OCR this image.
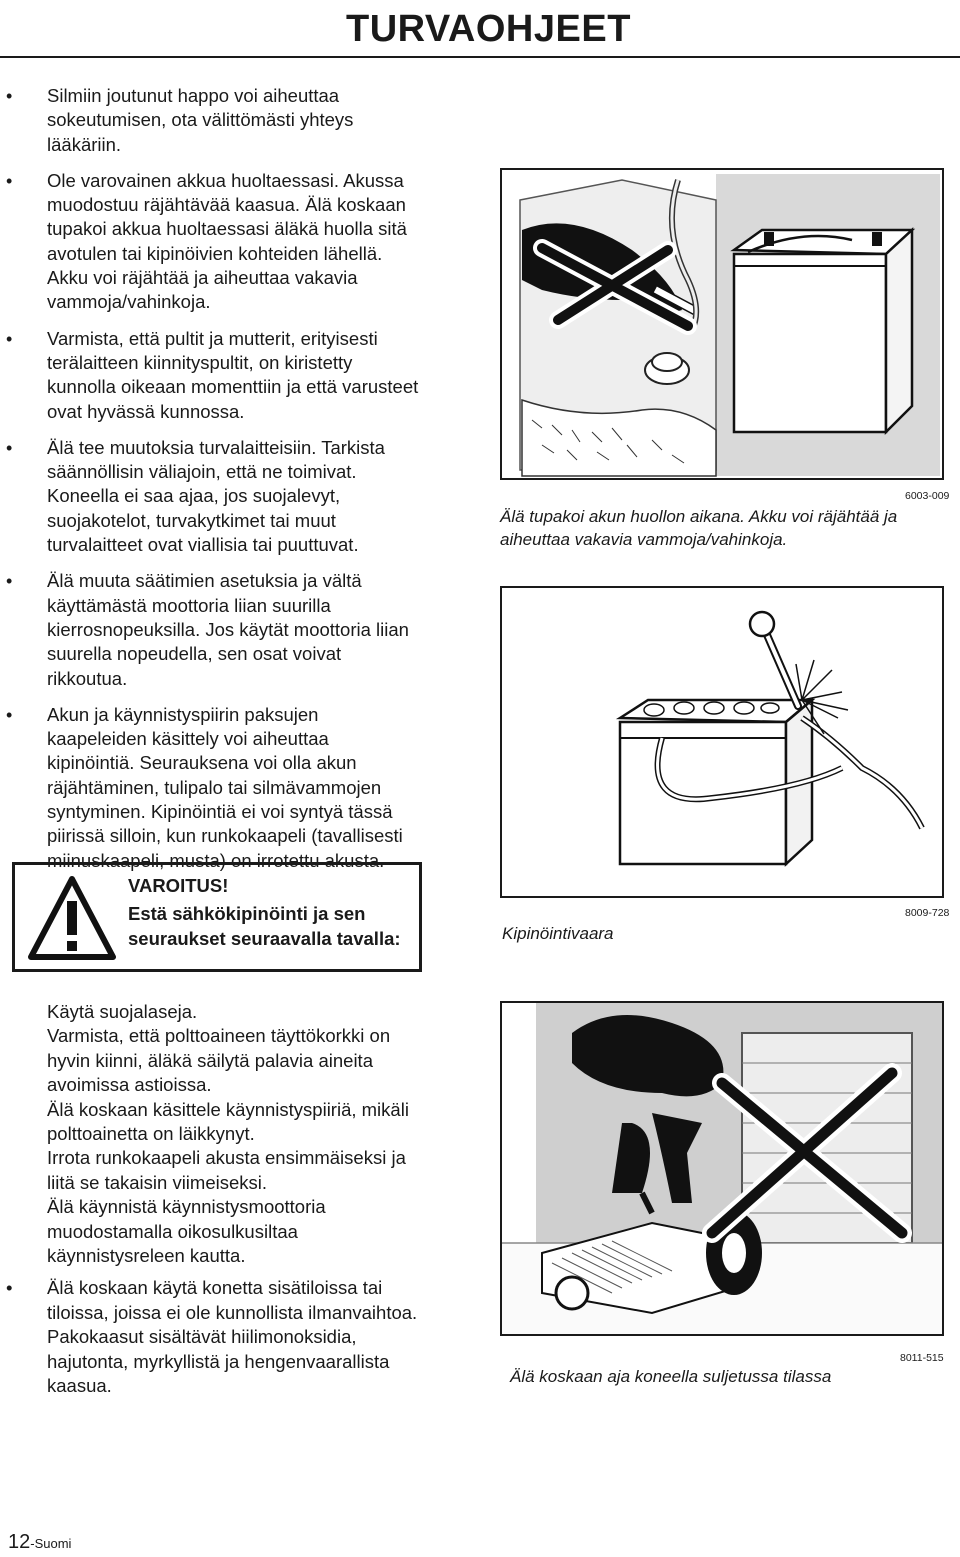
TURVAOHJEET
• Silmiin joutunut happo voi aiheuttaa sokeutumisen, ota välittömästi yhteys lääkäriin.
• Ole varovainen akkua huoltaessasi. Akussa muodostuu räjähtävää kaasua. Älä koskaan tupakoi akkua huoltaessasi äläkä huolla sitä avotulen tai kipinöivien kohteiden lähellä. Akku voi räjähtää ja aiheuttaa vakavia vammoja/vahinkoja.
• Varmista, että pultit ja mutterit, erityisesti terälaitteen kiinnityspultit, on kiristetty kunnolla oikeaan momenttiin ja että varusteet ovat hyvässä kunnossa.
• Älä tee muutoksia turvalaitteisiin. Tarkista säännöllisin väliajoin, että ne toimivat. Koneella ei saa ajaa, jos suojalevyt, suojakotelot, turvakytkimet tai muut turvalaitteet ovat viallisia tai puuttuvat.
• Älä muuta säätimien asetuksia ja vältä käyttämästä moottoria liian suurilla kierrosnopeuksilla. Jos käytät moottoria liian suurella nopeudella, sen osat voivat rikkoutua.
• Akun ja käynnistyspiirin paksujen kaapeleiden käsittely voi aiheuttaa kipinöintiä. Seurauksena voi olla akun räjähtäminen, tulipalo tai silmävammojen syntyminen. Kipinöintiä ei voi syntyä tässä piirissä silloin, kun runkokaapeli (tavallisesti miinuskaapeli, musta) on irrotettu akusta.
VAROITUS!
Estä sähkökipinöinti ja sen seuraukset seuraavalla tavalla:
Käytä suojalaseja.
Varmista, että polttoaineen täyttökorkki on hyvin kiinni, äläkä säilytä palavia aineita avoimissa astioissa.
Älä koskaan käsittele käynnistyspiiriä, mikäli polttoainetta on läikkynyt.
Irrota runkokaapeli akusta ensimmäiseksi ja liitä se takaisin viimeiseksi.
Älä käynnistä käynnistysmoottoria muodostamalla oikosulkusiltaa käynnistysreleen kautta.
• Älä koskaan käytä konetta sisätiloissa tai tiloissa, joissa ei ole kunnollista ilmanvaihtoa. Pakokaasut sisältävät hiilimonoksidia, hajutonta, myrkyllistä ja hengenvaarallista kaasua.
6003-009
Älä tupakoi akun huollon aikana. Akku voi räjähtää ja aiheuttaa vakavia vammoja/vahinkoja.
8009-728
Kipinöintivaara
8011-515
Älä koskaan aja koneella suljetussa tilassa
12-Suomi
